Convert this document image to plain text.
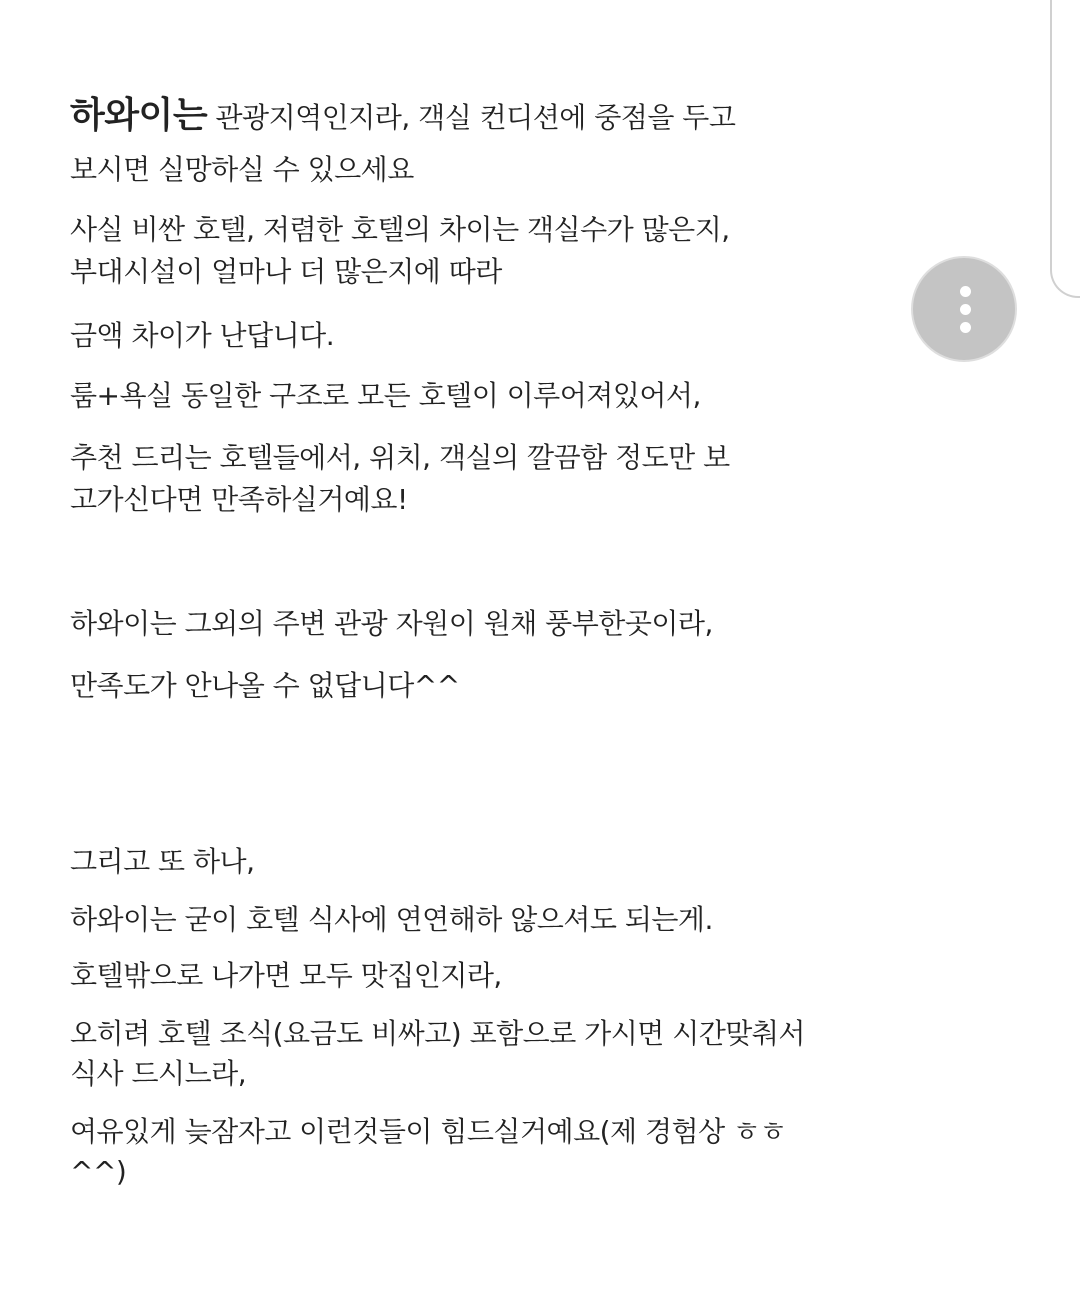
하와이는 관광지역인지라, 객실 컨디션에 중점을 두고
보시면 실망하실 수 있으세요
사실 비싼 호텔, 저렴한 호텔의 차이는 객실수가 많은지,
부대시설이 얼마나 더 많은지에 따라
금액 차이가 난답니다.
룸+욕실 동일한 구조로 모든 호텔이 이루어져있어서,
추천 드리는 호텔들에서, 위치, 객실의 깔끔함 정도만 보
고가신다면 만족하실거예요!
하와이는 그외의 주변 관광 자원이 원채 풍부한곳이라,
만족도가 안나올 수 없답니다^^
그리고 또 하나,
하와이는 굳이 호텔 식사에 연연해하 않으셔도 되는게.
호텔밖으로 나가면 모두 맛집인지라,
오히려 호텔 조식(요금도 비싸고) 포함으로 가시면 시간맞춰서
식사 드시느라,
여유있게 늦잠자고 이런것들이 힘드실거예요(제 경험상 ㅎㅎ
^^)
